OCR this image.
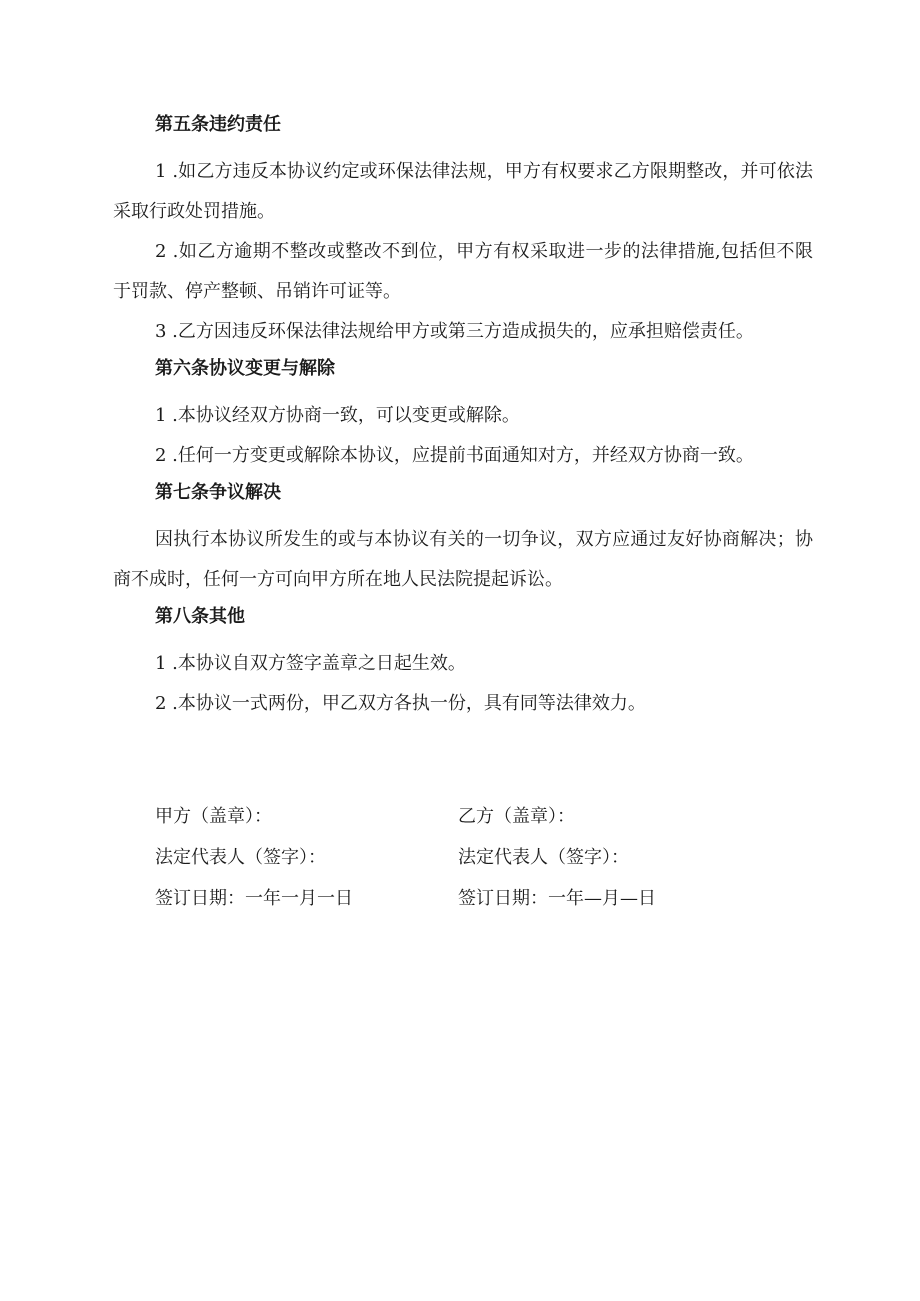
第五条违约责任
1 .如乙方违反本协议约定或环保法律法规，甲方有权要求乙方限期整改，并可依法采取行政处罚措施。
2 .如乙方逾期不整改或整改不到位，甲方有权采取进一步的法律措施,包括但不限于罚款、停产整顿、吊销许可证等。
3 .乙方因违反环保法律法规给甲方或第三方造成损失的，应承担赔偿责任。
第六条协议变更与解除
1 .本协议经双方协商一致，可以变更或解除。
2 .任何一方变更或解除本协议，应提前书面通知对方，并经双方协商一致。
第七条争议解决
因执行本协议所发生的或与本协议有关的一切争议，双方应通过友好协商解决；协商不成时，任何一方可向甲方所在地人民法院提起诉讼。
第八条其他
1 .本协议自双方签字盖章之日起生效。
2 .本协议一式两份，甲乙双方各执一份，具有同等法律效力。
甲方（盖章）：	乙方（盖章）：
法定代表人（签字）：	法定代表人（签字）：
签订日期：一年一月一日	签订日期：一年—月—日
